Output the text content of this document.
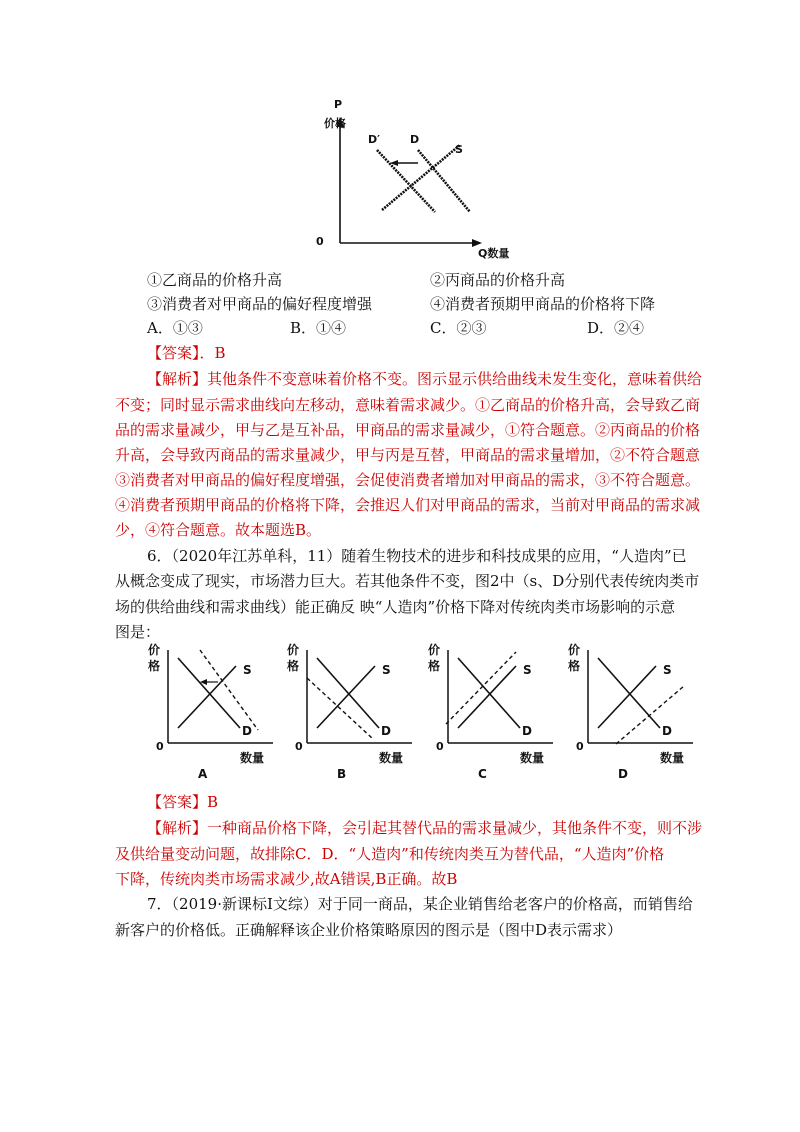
P
价格
0
Q数量
D′	D
S
①乙商品的价格升高	②丙商品的价格升高
③消费者对甲商品的偏好程度增强	④消费者预期甲商品的价格将下降
A．①③	B．①④	C．②③	D．②④
【答案】．B
【解析】其他条件不变意味着价格不变。图示显示供给曲线未发生变化，意味着供给
不变；同时显示需求曲线向左移动，意味着需求减少。①乙商品的价格升高，会导致乙商
品的需求量减少，甲与乙是互补品，甲商品的需求量减少，①符合题意。②丙商品的价格
升高，会导致丙商品的需求量减少，甲与丙是互替，甲商品的需求量增加，②不符合题意
③消费者对甲商品的偏好程度增强，会促使消费者增加对甲商品的需求，③不符合题意。
④消费者预期甲商品的价格将下降，会推迟人们对甲商品的需求，当前对甲商品的需求减
少，④符合题意。故本题选B。
6．（2020年江苏单科，11）随着生物技术的进步和科技成果的应用，“人造肉”已
从概念变成了现实，市场潜力巨大。若其他条件不变，图2中（s、D分别代表传统肉类市
场的供给曲线和需求曲线）能正确反 映“人造肉”价格下降对传统肉类市场影响的示意
图是：
价
格
0
数量
A
S
D
价
格
0
数量
B
S
D
价
格
0
数量
C
S
D
价
格
0
数量
D
S
D
【答案】B
【解析】一种商品价格下降，会引起其替代品的需求量减少，其他条件不变，则不涉
及供给量变动问题，故排除C．D．“人造肉”和传统肉类互为替代品，“人造肉”价格
下降，传统肉类市场需求减少,故A错误,B正确。故B
7．（2019·新课标Ⅰ文综）对于同一商品，某企业销售给老客户的价格高，而销售给
新客户的价格低。正确解释该企业价格策略原因的图示是（图中D表示需求）
